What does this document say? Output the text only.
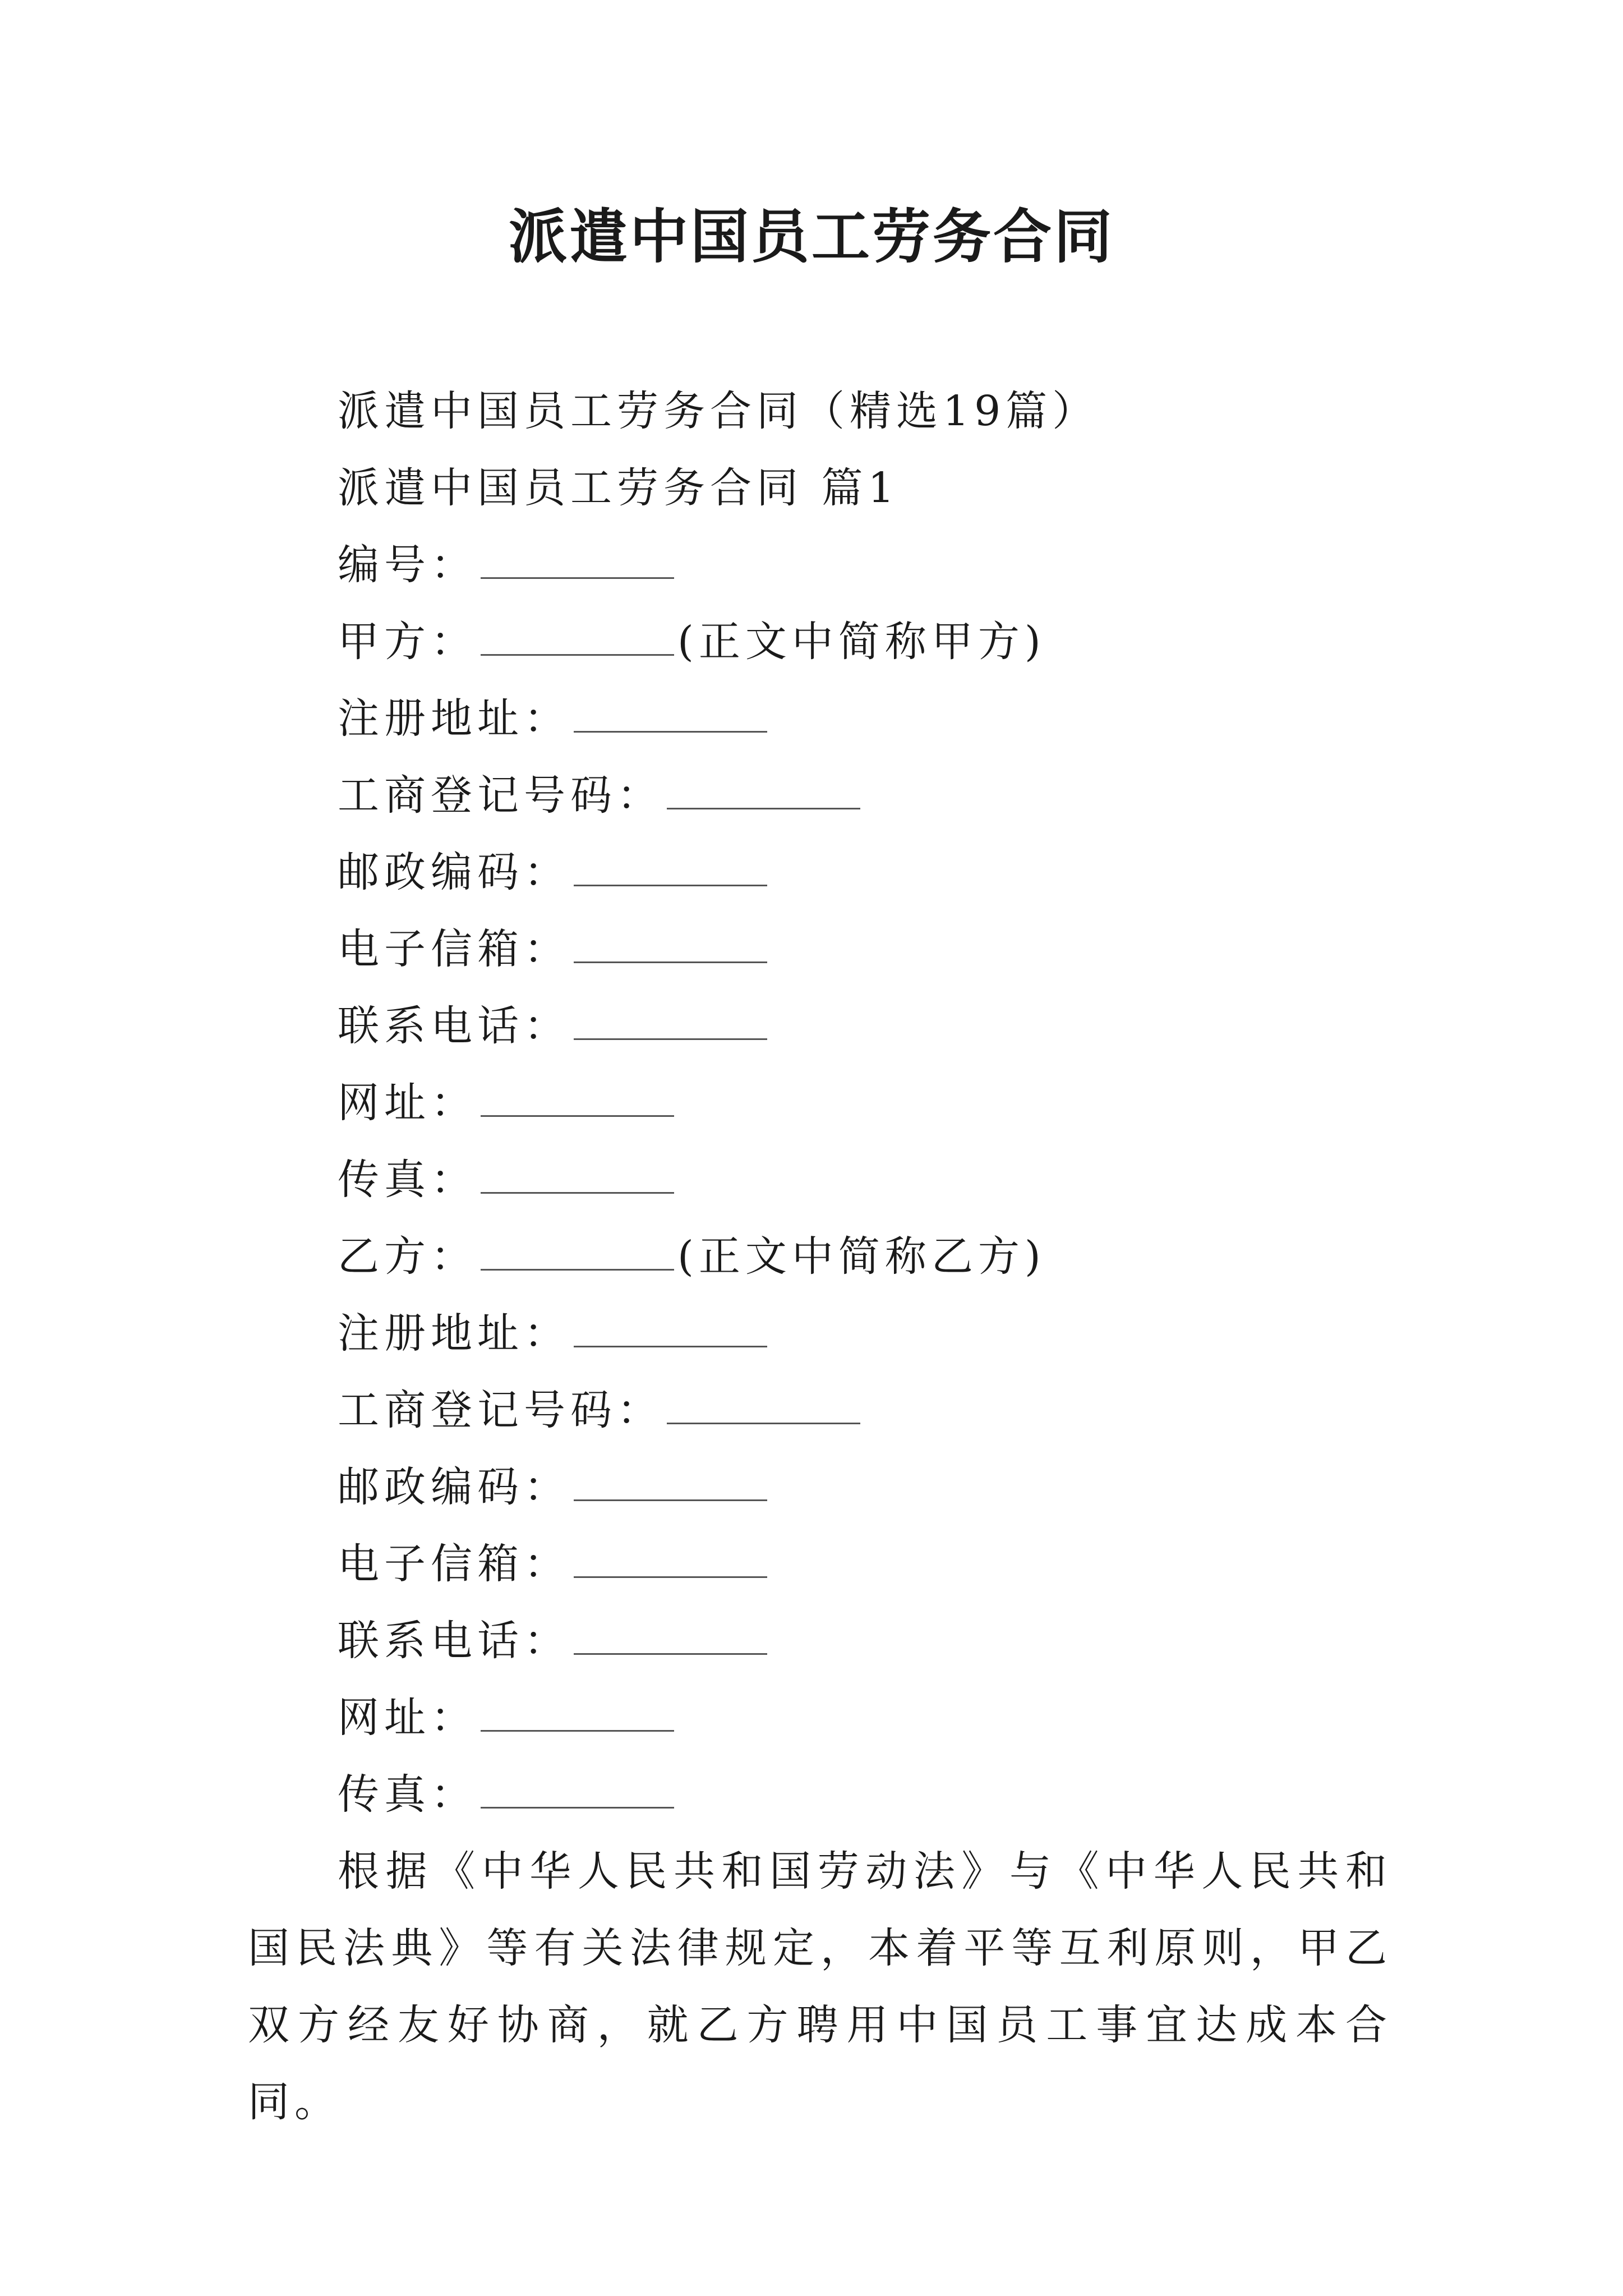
派遣中国员工劳务合同
派遣中国员工劳务合同（精选19篇）
派遣中国员工劳务合同 篇1
编号：
甲方：	(正文中简称甲方)
注册地址：
工商登记号码：
邮政编码：
电子信箱：
联系电话：
网址：
传真：
乙方：	(正文中简称乙方)
注册地址：
工商登记号码：
邮政编码：
电子信箱：
联系电话：
网址：
传真：

根据《中华人民共和国劳动法》与《中华人民共和国民法典》等有关法律规定，本着平等互利原则，甲乙双方经友好协商，就乙方聘用中国员工事宜达成本合同。
